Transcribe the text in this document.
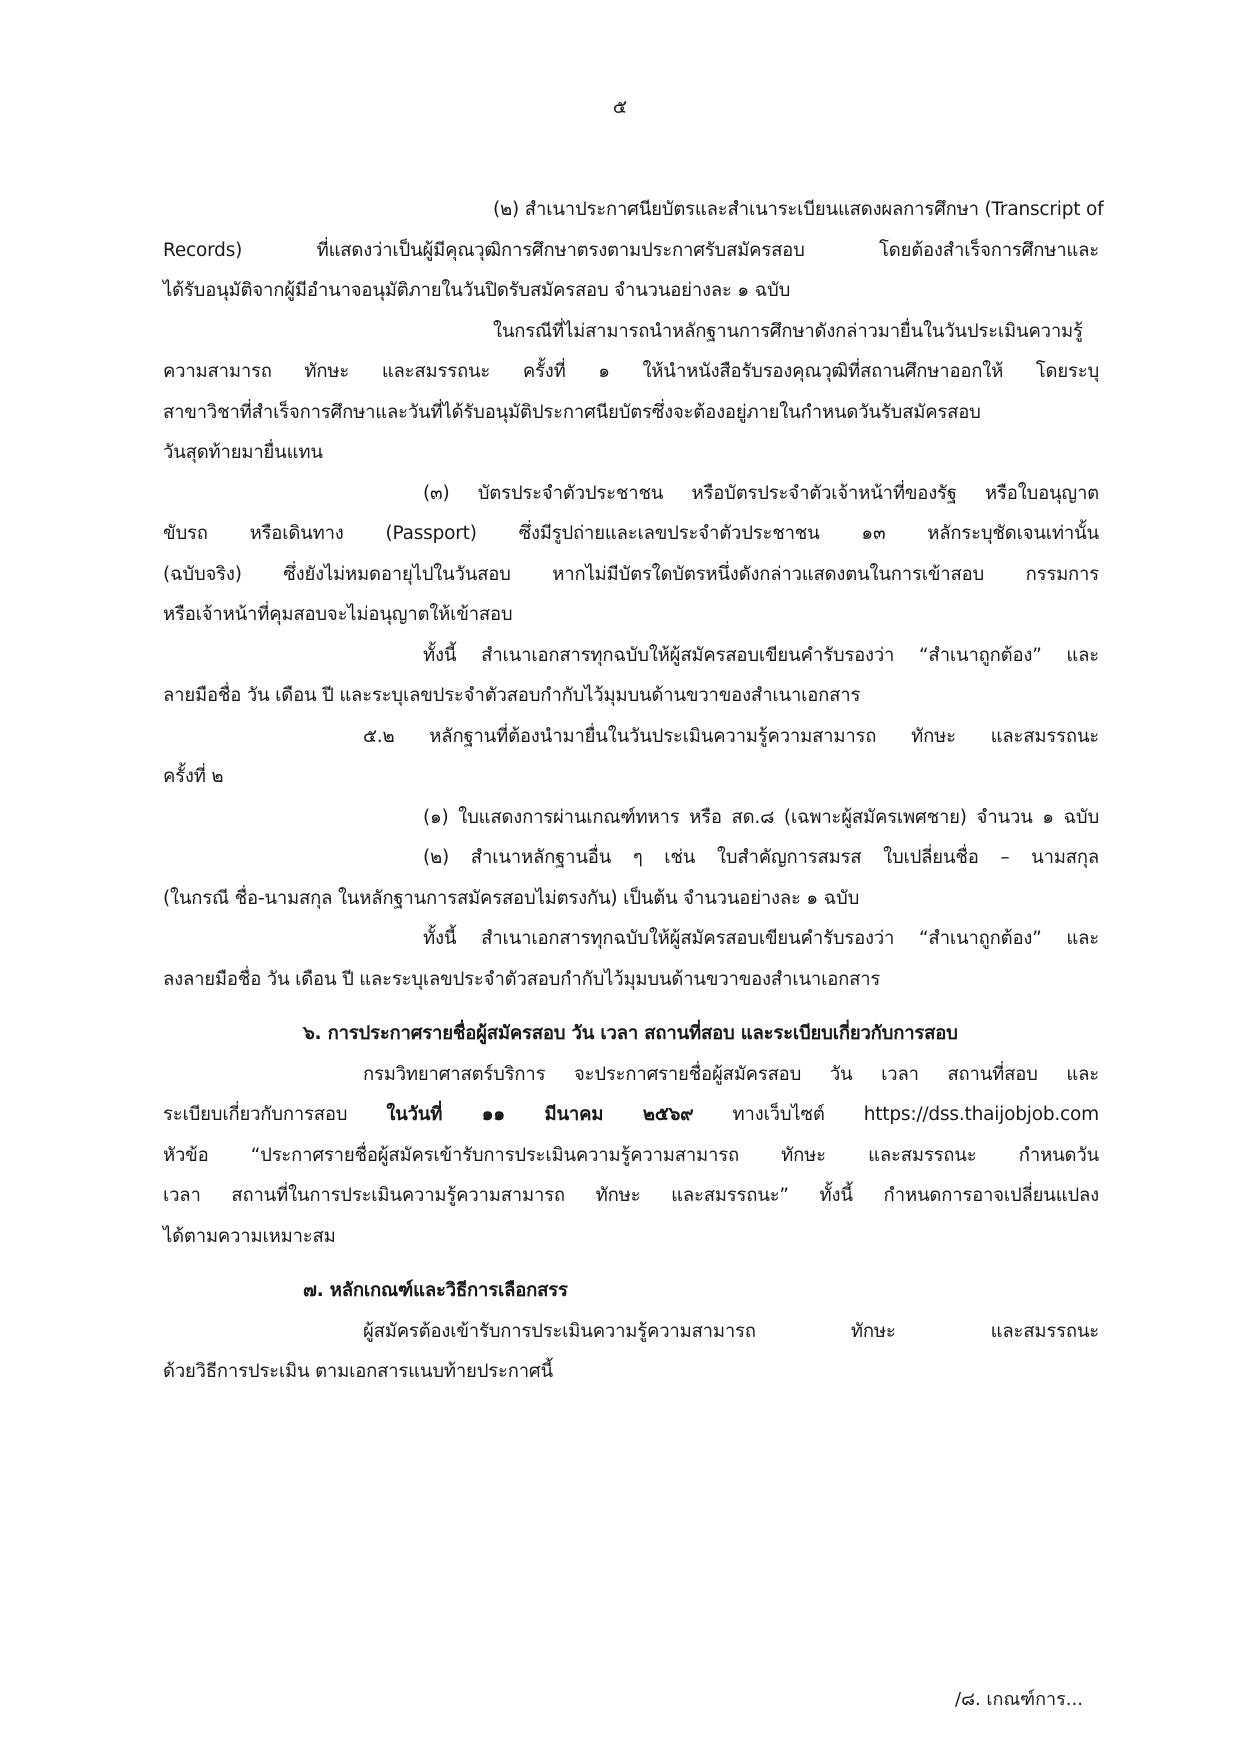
๕
(๒) สำเนาประกาศนียบัตรและสำเนาระเบียนแสดงผลการศึกษา (Transcript of
Records) ที่แสดงว่าเป็นผู้มีคุณวุฒิการศึกษาตรงตามประกาศรับสมัครสอบ โดยต้องสำเร็จการศึกษาและ
ได้รับอนุมัติจากผู้มีอำนาจอนุมัติภายในวันปิดรับสมัครสอบ จำนวนอย่างละ ๑ ฉบับ
ในกรณีที่ไม่สามารถนำหลักฐานการศึกษาดังกล่าวมายื่นในวันประเมินความรู้
ความสามารถ ทักษะ และสมรรถนะ ครั้งที่ ๑ ให้นำหนังสือรับรองคุณวุฒิที่สถานศึกษาออกให้ โดยระบุ
สาขาวิชาที่สำเร็จการศึกษาและวันที่ได้รับอนุมัติประกาศนียบัตรซึ่งจะต้องอยู่ภายในกำหนดวันรับสมัครสอบ
วันสุดท้ายมายื่นแทน
(๓) บัตรประจำตัวประชาชน หรือบัตรประจำตัวเจ้าหน้าที่ของรัฐ หรือใบอนุญาต
ขับรถ หรือเดินทาง (Passport) ซึ่งมีรูปถ่ายและเลขประจำตัวประชาชน ๑๓ หลักระบุชัดเจนเท่านั้น
(ฉบับจริง) ซึ่งยังไม่หมดอายุไปในวันสอบ หากไม่มีบัตรใดบัตรหนึ่งดังกล่าวแสดงตนในการเข้าสอบ กรรมการ
หรือเจ้าหน้าที่คุมสอบจะไม่อนุญาตให้เข้าสอบ
ทั้งนี้ สำเนาเอกสารทุกฉบับให้ผู้สมัครสอบเขียนคำรับรองว่า “สำเนาถูกต้อง” และ
ลายมือชื่อ วัน เดือน ปี และระบุเลขประจำตัวสอบกำกับไว้มุมบนด้านขวาของสำเนาเอกสาร
๕.๒ หลักฐานที่ต้องนำมายื่นในวันประเมินความรู้ความสามารถ ทักษะ และสมรรถนะ
ครั้งที่ ๒
(๑) ใบแสดงการผ่านเกณฑ์ทหาร หรือ สด.๘ (เฉพาะผู้สมัครเพศชาย) จำนวน ๑ ฉบับ
(๒) สำเนาหลักฐานอื่น ๆ เช่น ใบสำคัญการสมรส ใบเปลี่ยนชื่อ – นามสกุล
(ในกรณี ชื่อ-นามสกุล ในหลักฐานการสมัครสอบไม่ตรงกัน) เป็นต้น จำนวนอย่างละ ๑ ฉบับ
ทั้งนี้ สำเนาเอกสารทุกฉบับให้ผู้สมัครสอบเขียนคำรับรองว่า “สำเนาถูกต้อง” และ
ลงลายมือชื่อ วัน เดือน ปี และระบุเลขประจำตัวสอบกำกับไว้มุมบนด้านขวาของสำเนาเอกสาร
๖. การประกาศรายชื่อผู้สมัครสอบ วัน เวลา สถานที่สอบ และระเบียบเกี่ยวกับการสอบ
กรมวิทยาศาสตร์บริการ จะประกาศรายชื่อผู้สมัครสอบ วัน เวลา สถานที่สอบ และ
ระเบียบเกี่ยวกับการสอบ ในวันที่ ๑๑ มีนาคม ๒๕๖๙ ทางเว็บไซต์ https://dss.thaijobjob.com
หัวข้อ “ประกาศรายชื่อผู้สมัครเข้ารับการประเมินความรู้ความสามารถ ทักษะ และสมรรถนะ กำหนดวัน
เวลา สถานที่ในการประเมินความรู้ความสามารถ ทักษะ และสมรรถนะ” ทั้งนี้ กำหนดการอาจเปลี่ยนแปลง
ได้ตามความเหมาะสม
๗. หลักเกณฑ์และวิธีการเลือกสรร
ผู้สมัครต้องเข้ารับการประเมินความรู้ความสามารถ ทักษะ และสมรรถนะ
ด้วยวิธีการประเมิน ตามเอกสารแนบท้ายประกาศนี้
/๘. เกณฑ์การ...
